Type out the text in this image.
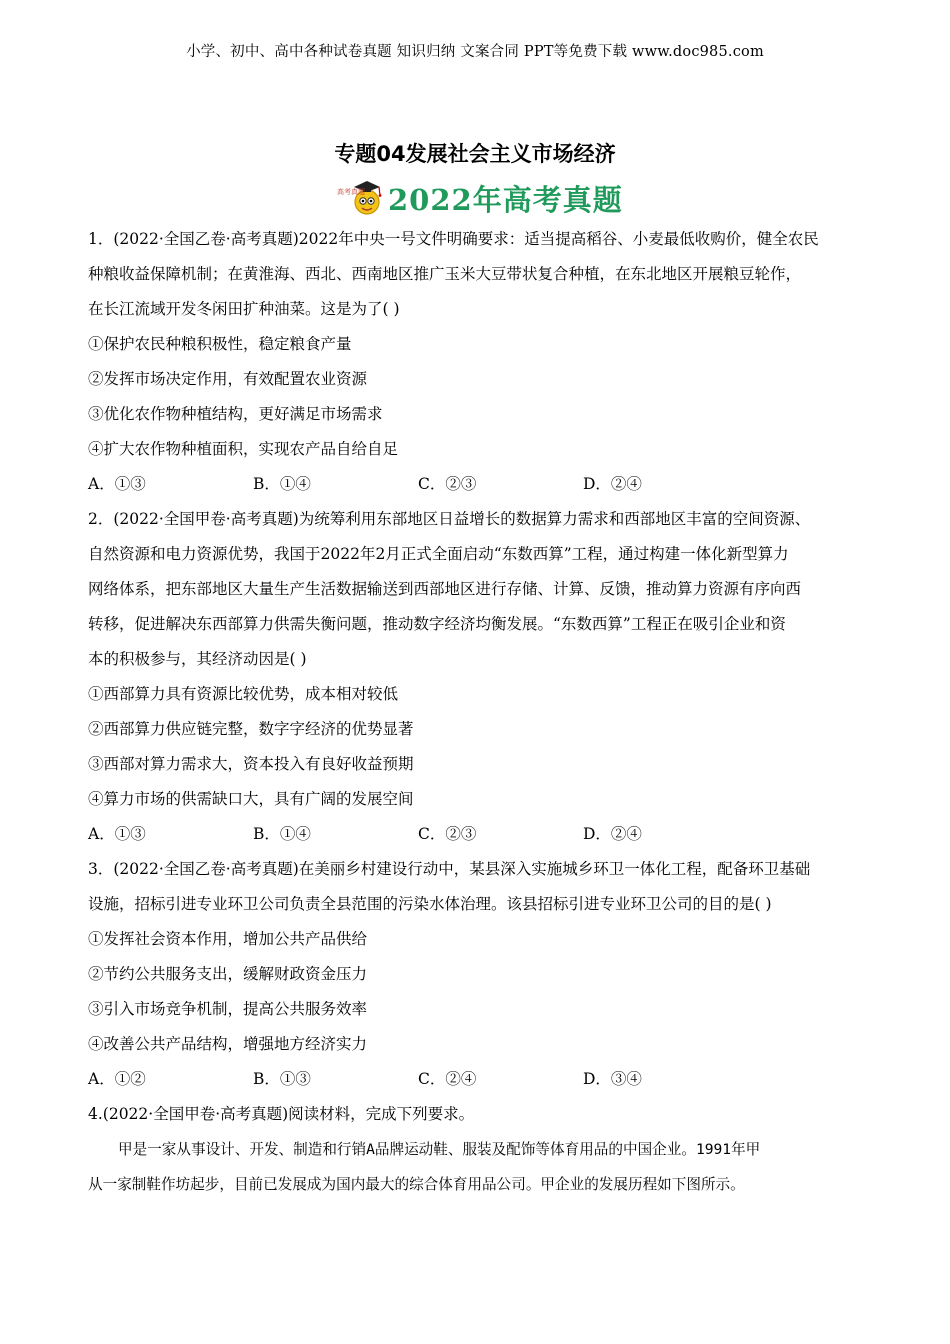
小学、初中、高中各种试卷真题 知识归纳 文案合同 PPT等免费下载 www.doc985.com
专题04发展社会主义市场经济
高考真题 2022年高考真题
1．(2022·全国乙卷·高考真题)2022年中央一号文件明确要求：适当提高稻谷、小麦最低收购价，健全农民
种粮收益保障机制；在黄淮海、西北、西南地区推广玉米大豆带状复合种植，在东北地区开展粮豆轮作，
在长江流域开发冬闲田扩种油菜。这是为了( )
①保护农民种粮积极性，稳定粮食产量
②发挥市场决定作用，有效配置农业资源
③优化农作物种植结构，更好满足市场需求
④扩大农作物种植面积，实现农产品自给自足
A．①③	B．①④	C．②③	D．②④
2．(2022·全国甲卷·高考真题)为统筹利用东部地区日益增长的数据算力需求和西部地区丰富的空间资源、
自然资源和电力资源优势，我国于2022年2月正式全面启动“东数西算”工程，通过构建一体化新型算力
网络体系，把东部地区大量生产生活数据输送到西部地区进行存储、计算、反馈，推动算力资源有序向西
转移，促进解决东西部算力供需失衡问题，推动数字经济均衡发展。“东数西算”工程正在吸引企业和资
本的积极参与，其经济动因是( )
①西部算力具有资源比较优势，成本相对较低
②西部算力供应链完整，数字字经济的优势显著
③西部对算力需求大，资本投入有良好收益预期
④算力市场的供需缺口大，具有广阔的发展空间
A．①③	B．①④	C．②③	D．②④
3．(2022·全国乙卷·高考真题)在美丽乡村建设行动中，某县深入实施城乡环卫一体化工程，配备环卫基础
设施，招标引进专业环卫公司负责全县范围的污染水体治理。该县招标引进专业环卫公司的目的是( )
①发挥社会资本作用，增加公共产品供给
②节约公共服务支出，缓解财政资金压力
③引入市场竞争机制，提高公共服务效率
④改善公共产品结构，增强地方经济实力
A．①②	B．①③	C．②④	D．③④
4.(2022·全国甲卷·高考真题)阅读材料，完成下列要求。
甲是一家从事设计、开发、制造和行销A品牌运动鞋、服装及配饰等体育用品的中国企业。1991年甲
从一家制鞋作坊起步，目前已发展成为国内最大的综合体育用品公司。甲企业的发展历程如下图所示。
